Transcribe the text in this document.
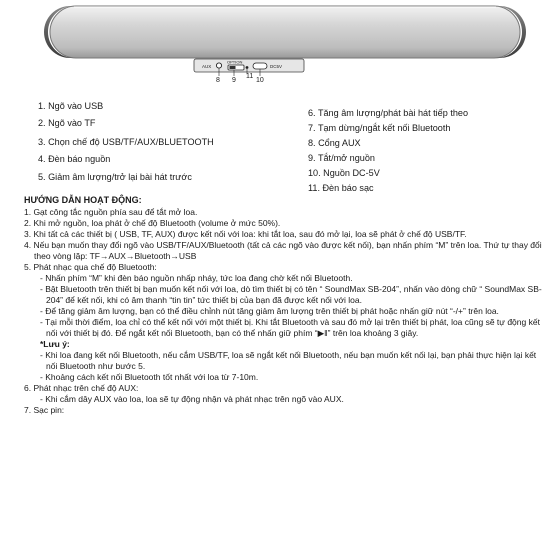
AUX
OPTION
DC5V
8 9
11
10
1. Ngõ vào USB
2. Ngõ vào TF
3. Chọn chế độ USB/TF/AUX/BLUETOOTH
4. Đèn báo nguồn
5. Giảm âm lượng/trở lại bài hát trước
6. Tăng âm lượng/phát bài hát tiếp theo
7. Tạm dừng/ngắt kết nối Bluetooth
8. Cổng AUX
9. Tắt/mở nguồn
10. Nguồn DC-5V
11. Đèn báo sạc
HƯỚNG DẪN HOẠT ĐỘNG:
1. Gạt công tắc nguồn phía sau để tắt mở loa.
2. Khi mở nguồn, loa phát ở chế độ Bluetooth (volume ở mức 50%).
3. Khi tất cả các thiết bị ( USB, TF, AUX) được kết nối với loa: khi tắt loa, sau đó mở lại, loa sẽ phát ở chế độ USB/TF.
4. Nếu bạn muốn thay đổi ngõ vào USB/TF/AUX/Bluetooth (tất cả các ngõ vào được kết nối), bạn nhấn phím “M” trên loa. Thứ tự thay đổi theo vòng lặp: TF→AUX→Bluetooth→USB
5. Phát nhạc qua chế độ Bluetooth:
- Nhấn phím “M” khi đèn báo nguồn nhấp nháy, tức loa đang chờ kết nối Bluetooth.
- Bật Bluetooth trên thiết bị bạn muốn kết nối với loa, dò tìm thiết bị có tên “ SoundMax SB-204”, nhấn vào dòng chữ “ SoundMax SB-204” để kết nối, khi có âm thanh “tin tin” tức thiết bị của bạn đã được kết nối với loa.
- Để tăng giảm âm lượng, bạn có thể điều chỉnh nút tăng giảm âm lượng trên thiết bị phát hoặc nhấn giữ nút “-/+” trên loa.
- Tại mỗi thời điểm, loa chỉ có thể kết nối với một thiết bị. Khi tắt Bluetooth và sau đó mở lại trên thiết bị phát, loa cũng sẽ tự động kết nối với thiết bị đó. Để ngắt kết nối Bluetooth, bạn có thể nhấn giữ phím “▶ǁ” trên loa khoảng 3 giây.
*Lưu ý:
- Khi loa đang kết nối Bluetooth, nếu cắm USB/TF, loa sẽ ngắt kết nối Bluetooth, nếu bạn muốn kết nối lại, bạn phải thực hiện lại kết nối Bluetooth như bước 5.
- Khoảng cách kết nối Bluetooth tốt nhất với loa từ 7-10m.
6. Phát nhạc trên chế độ AUX:
- Khi cắm dây AUX vào loa, loa sẽ tự động nhận và phát nhạc trên ngõ vào AUX.
7. Sạc pin:
